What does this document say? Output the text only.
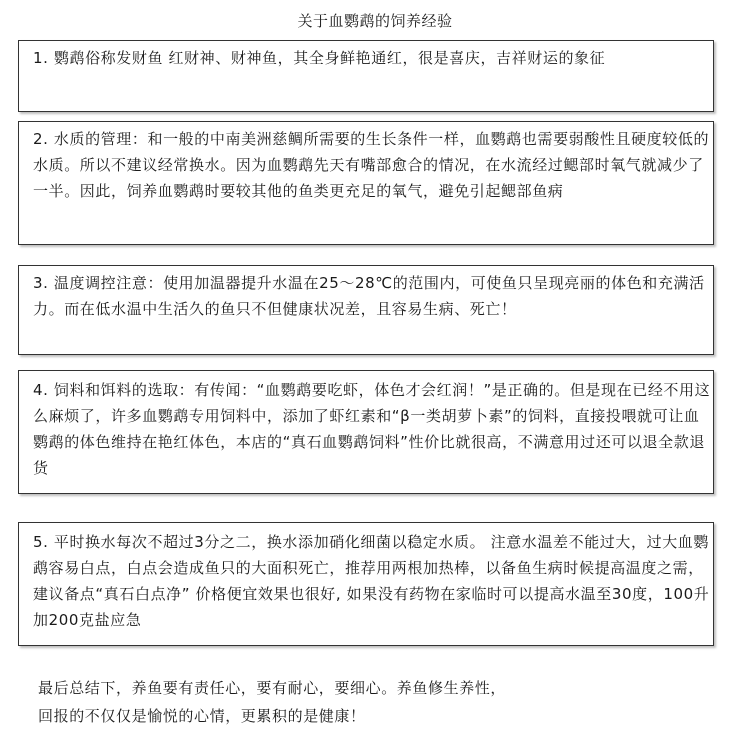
关于血鹦鹉的饲养经验

1. 鹦鹉俗称发财鱼 红财神、财神鱼，其全身鲜艳通红，很是喜庆，吉祥财运的象征

2. 水质的管理：和一般的中南美洲慈鲷所需要的生长条件一样，血鹦鹉也需要弱酸性且硬度较低的水质。所以不建议经常换水。因为血鹦鹉先天有嘴部愈合的情况，在水流经过鳃部时氧气就减少了一半。因此，饲养血鹦鹉时要较其他的鱼类更充足的氧气，避免引起鳃部鱼病

3. 温度调控注意：使用加温器提升水温在25～28℃的范围内，可使鱼只呈现亮丽的体色和充满活力。而在低水温中生活久的鱼只不但健康状况差，且容易生病、死亡！

4. 饲料和饵料的选取：有传闻：“血鹦鹉要吃虾，体色才会红润！”是正确的。但是现在已经不用这么麻烦了，许多血鹦鹉专用饲料中，添加了虾红素和“β一类胡萝卜素”的饲料，直接投喂就可让血鹦鹉的体色维持在艳红体色，本店的“真石血鹦鹉饲料”性价比就很高，不满意用过还可以退全款退货

5. 平时换水每次不超过3分之二，换水添加硝化细菌以稳定水质。 注意水温差不能过大，过大血鹦鹉容易白点，白点会造成鱼只的大面积死亡，推荐用两根加热棒，以备鱼生病时候提高温度之需，建议备点“真石白点净” 价格便宜效果也很好, 如果没有药物在家临时可以提高水温至30度，100升加200克盐应急

最后总结下，养鱼要有责任心，要有耐心，要细心。养鱼修生养性，

回报的不仅仅是愉悦的心情，更累积的是健康！
